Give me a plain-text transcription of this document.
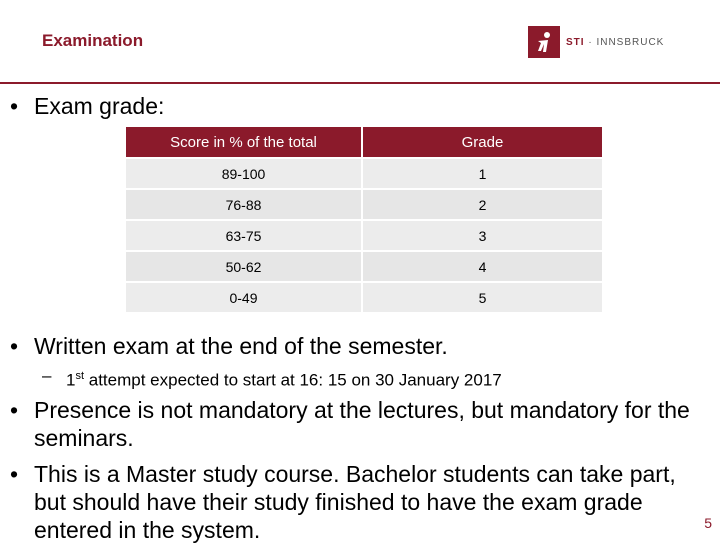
Examination	STI · INNSBRUCK
• Exam grade:
Score in % of the total	Grade
89-100	1
76-88	2
63-75	3
50-62	4
0-49	5
• Written exam at the end of the semester.
– 1st attempt expected to start at 16: 15 on 30 January 2017
• Presence is not mandatory at the lectures, but mandatory for the seminars.
• This is a Master study course. Bachelor students can take part, but should have their study finished to have the exam grade entered in the system.	5
